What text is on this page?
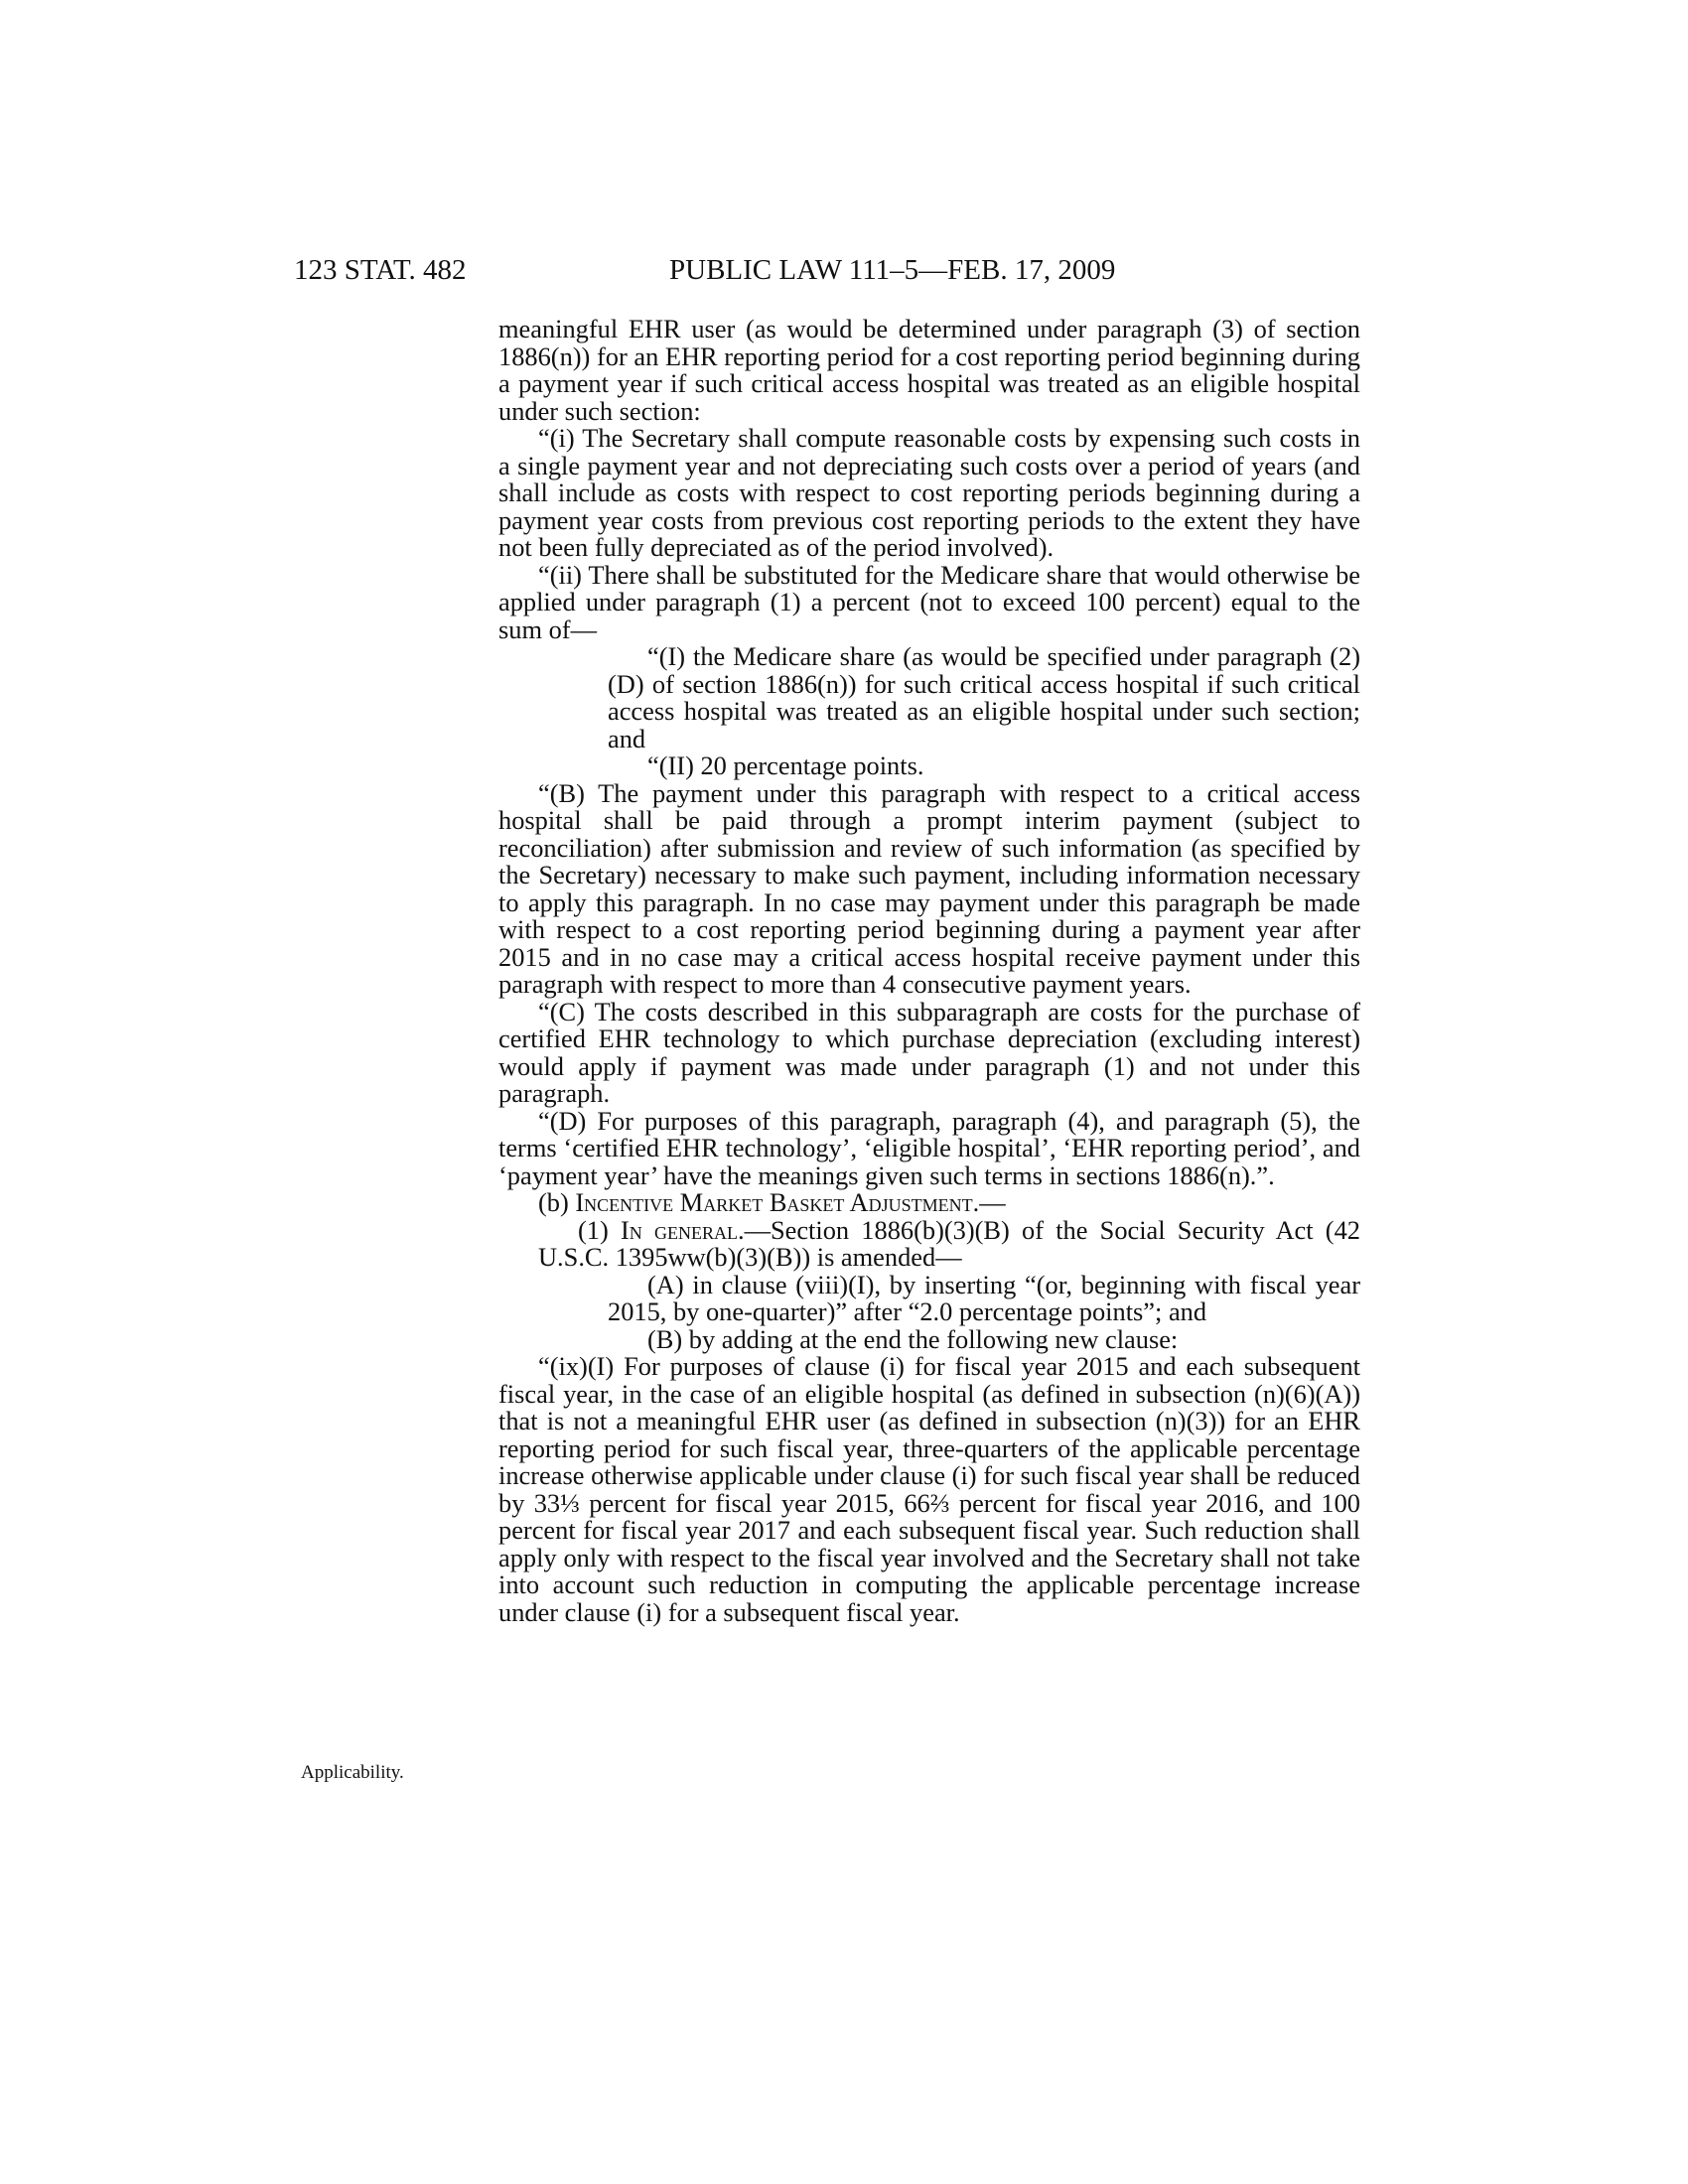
123 STAT. 482	PUBLIC LAW 111–5—FEB. 17, 2009

meaningful EHR user (as would be determined under paragraph (3) of section 1886(n)) for an EHR reporting period for a cost reporting period beginning during a payment year if such critical access hospital was treated as an eligible hospital under such section:

“(i) The Secretary shall compute reasonable costs by expensing such costs in a single payment year and not depreciating such costs over a period of years (and shall include as costs with respect to cost reporting periods beginning during a payment year costs from previous cost reporting periods to the extent they have not been fully depreciated as of the period involved).

“(ii) There shall be substituted for the Medicare share that would otherwise be applied under paragraph (1) a percent (not to exceed 100 percent) equal to the sum of—

“(I) the Medicare share (as would be specified under paragraph (2)(D) of section 1886(n)) for such critical access hospital if such critical access hospital was treated as an eligible hospital under such section; and

“(II) 20 percentage points.

“(B) The payment under this paragraph with respect to a critical access hospital shall be paid through a prompt interim payment (subject to reconciliation) after submission and review of such information (as specified by the Secretary) necessary to make such payment, including information necessary to apply this paragraph. In no case may payment under this paragraph be made with respect to a cost reporting period beginning during a payment year after 2015 and in no case may a critical access hospital receive payment under this paragraph with respect to more than 4 consecutive payment years.

“(C) The costs described in this subparagraph are costs for the purchase of certified EHR technology to which purchase depreciation (excluding interest) would apply if payment was made under paragraph (1) and not under this paragraph.

“(D) For purposes of this paragraph, paragraph (4), and paragraph (5), the terms ‘certified EHR technology’, ‘eligible hospital’, ‘EHR reporting period’, and ‘payment year’ have the meanings given such terms in sections 1886(n).”.

(b) Incentive Market Basket Adjustment.—

(1) In general.—Section 1886(b)(3)(B) of the Social Security Act (42 U.S.C. 1395ww(b)(3)(B)) is amended—

(A) in clause (viii)(I), by inserting “(or, beginning with fiscal year 2015, by one-quarter)” after “2.0 percentage points”; and

(B) by adding at the end the following new clause:

“(ix)(I) For purposes of clause (i) for fiscal year 2015 and each subsequent fiscal year, in the case of an eligible hospital (as defined in subsection (n)(6)(A)) that is not a meaningful EHR user (as defined in subsection (n)(3)) for an EHR reporting period for such fiscal year, three-quarters of the applicable percentage increase otherwise applicable under clause (i) for such fiscal year shall be reduced by 33⅓ percent for fiscal year 2015, 66⅔ percent for fiscal year 2016, and 100 percent for fiscal year 2017 and each subsequent fiscal year. Such reduction shall apply only with respect to the fiscal year involved and the Secretary shall not take into account such reduction in computing the applicable percentage increase under clause (i) for a subsequent fiscal year.

Applicability.
